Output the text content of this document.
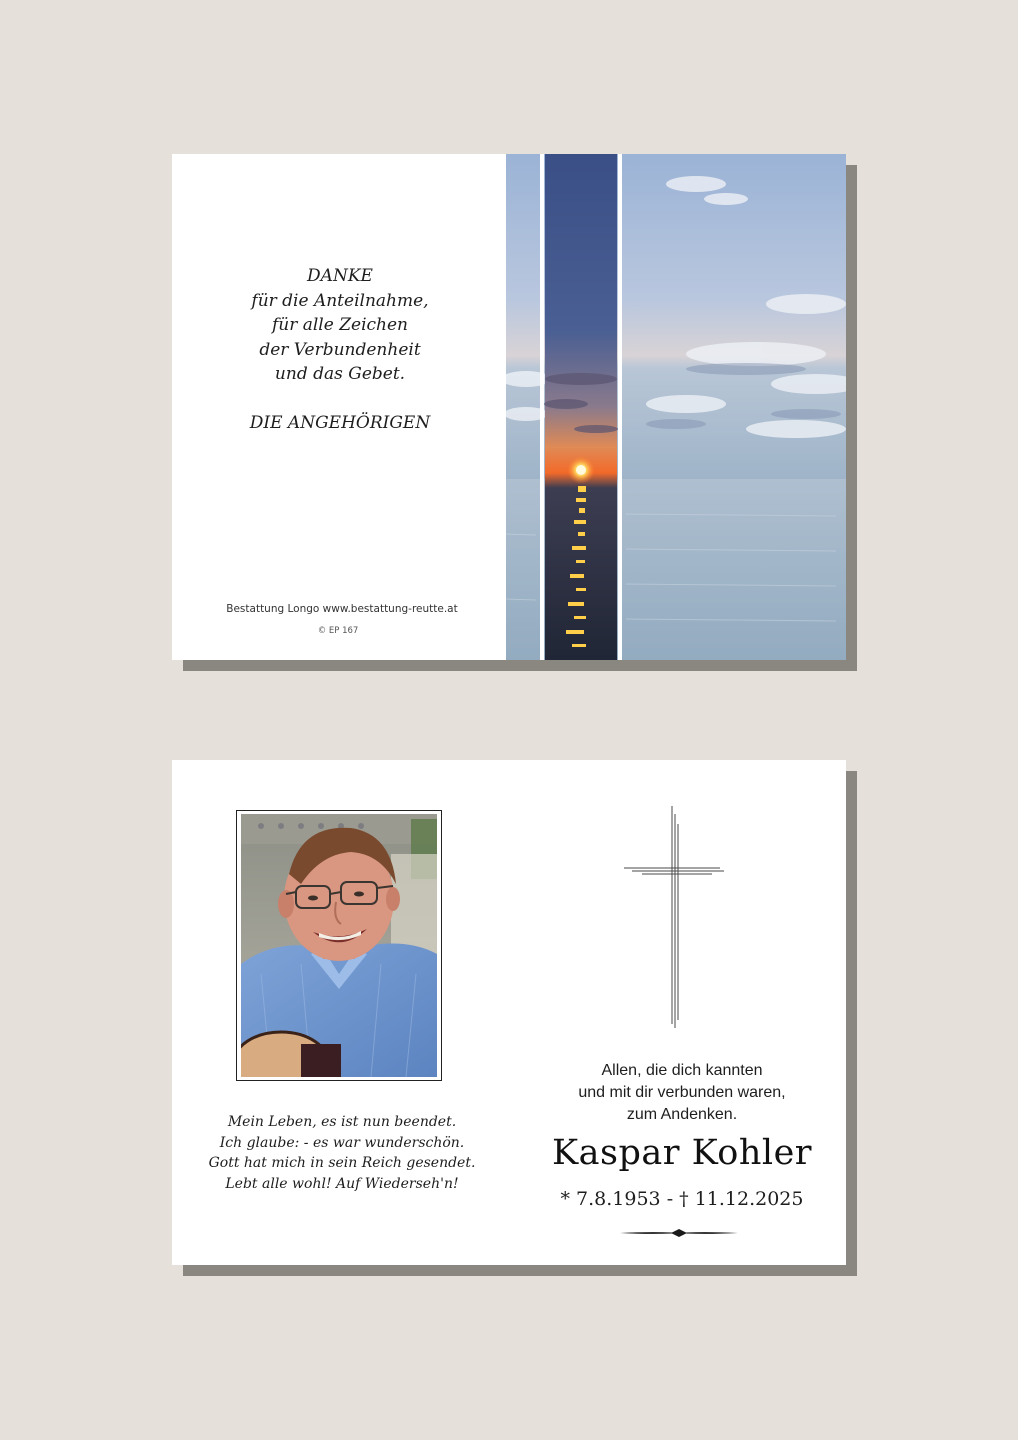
DANKE
für die Anteilnahme,
für alle Zeichen
der Verbundenheit
und das Gebet.
DIE ANGEHÖRIGEN
Bestattung Longo www.bestattung-reutte.at
© EP 167
Mein Leben, es ist nun beendet.
Ich glaube: - es war wunderschön.
Gott hat mich in sein Reich gesendet.
Lebt alle wohl! Auf Wiederseh'n!
Allen, die dich kannten
und mit dir verbunden waren,
zum Andenken.
Kaspar Kohler
* 7.8.1953 - † 11.12.2025
